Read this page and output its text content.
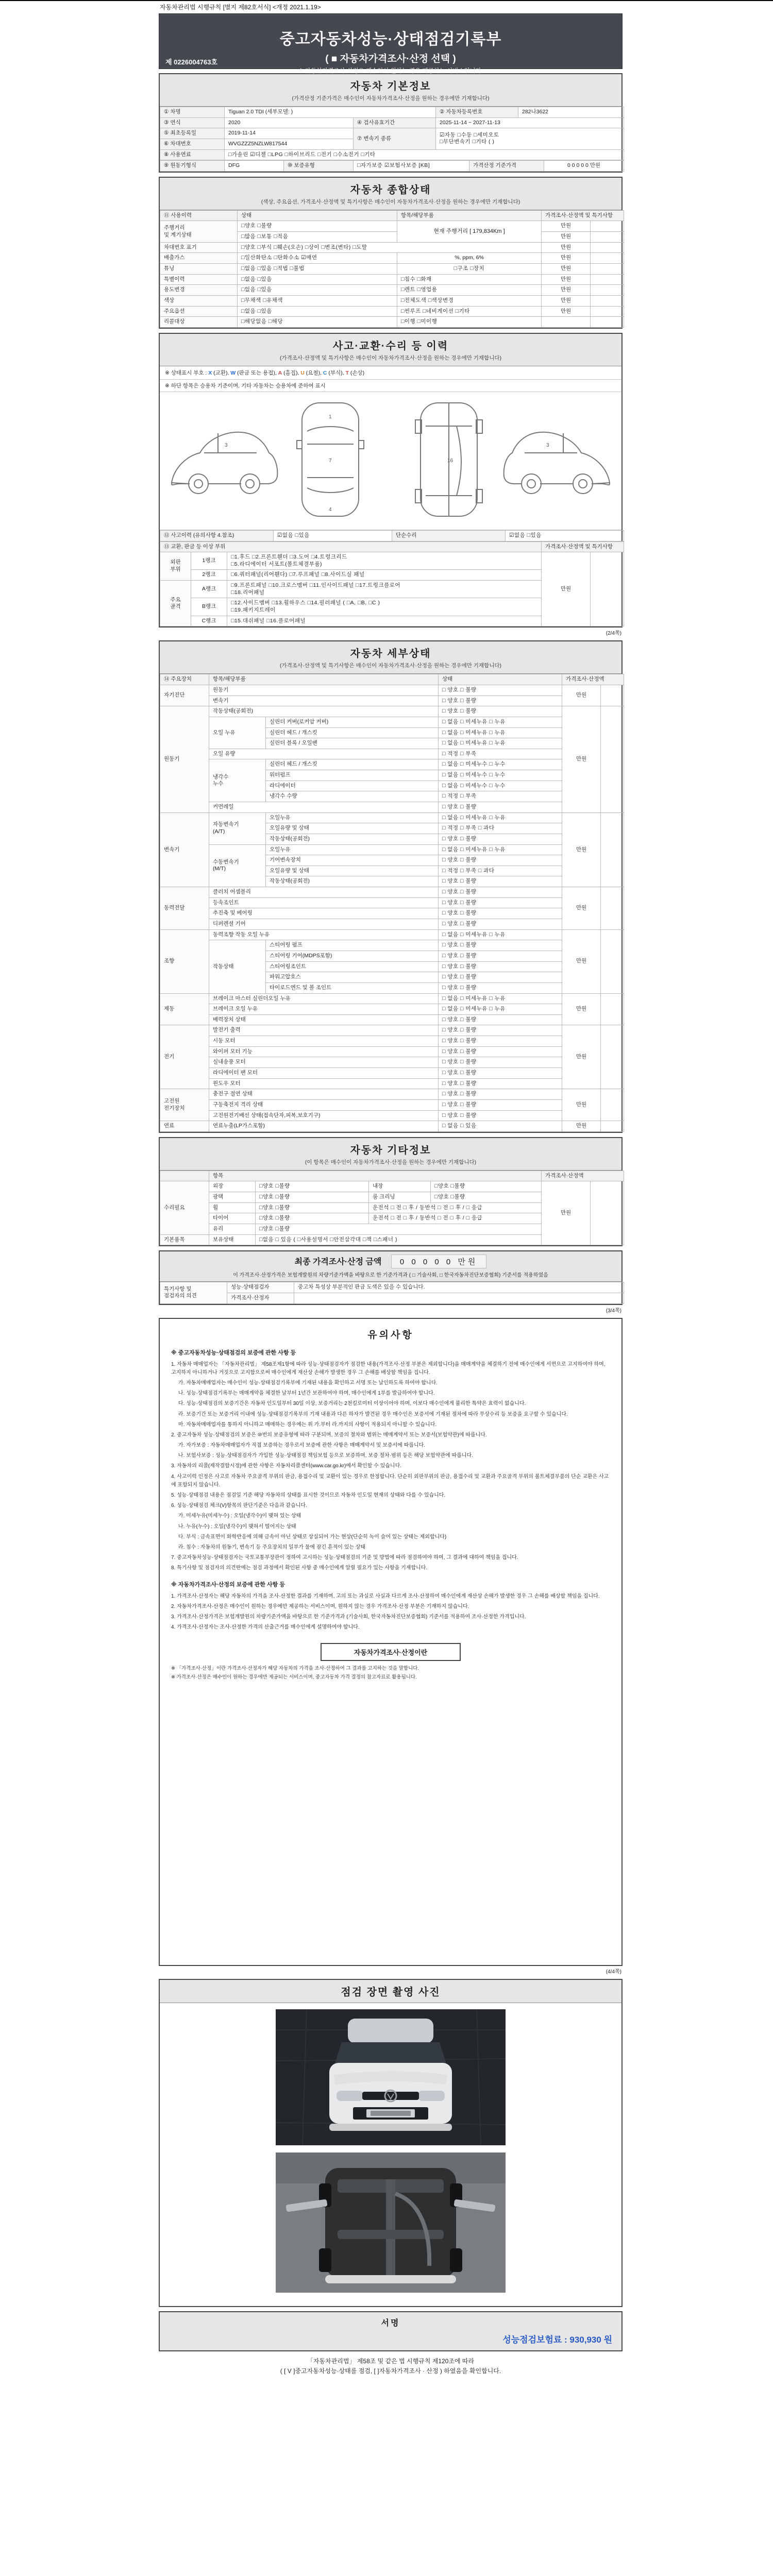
자동차관리법 시행규칙 [별지 제82호서식] <개정 2021.1.19>
중고자동차성능·상태점검기록부
( ■ 자동차가격조사·산정 선택 )
※ 자동차가격조사·산정은 매수인이 원하는 경우 제공하는 서비스입니다.
제 0226004763호
자동차 기본정보
(가격산정 기준가격은 매수인이 자동차가격조사·산정을 원하는 경우에만 기재합니다)
① 차명	Tiguan 2.0 TDI (세부모델: )		② 자동차등록번호	282나3622
③ 연식	2020	④ 검사유효기간	2025-11-14 ~ 2027-11-13	
⑤ 최초등록일	2019-11-14	⑦ 변속기 종류	☑자동 □수동 □세미오토
□무단변속기 □기타 ( )	
⑥ 차대번호	WVGZZZ5NZLW817544			
⑧ 사용연료	□가솔린 ☑디젤 □LPG □하이브리드 □전기 □수소전기 □기타			
⑨ 원동기형식	DFG	⑩ 보증유형	□자가보증 ☑보험사보증 [KB]	가격산정 기준가격	0 0 0 0 0 만원
자동차 종합상태
(색상, 주요옵션, 가격조사·산정액 및 특기사항은 매수인이 자동차가격조사·산정을 원하는 경우에만 기재합니다)
⑪ 사용이력	상태	항목/해당부품	가격조사·산정액 및 특기사항	
주행거리
및 계기상태	□양호 □불량	현재 주행거리 [ 179,834Km ]	만원	
	□많음 □보통 □적음		만원	
차대번호 표기	□양호 □부식 □훼손(오손) □상이 □변조(변타) □도말		만원	
배출가스	□일산화탄소 □탄화수소 ☑매연	%, ppm, 6%	만원	
튜닝	□없음 □있음 □적법 □불법	□구조 □장치	만원	
특별이력	□없음 □있음	□침수 □화재	만원	
용도변경	□없음 □있음	□렌트 □영업용	만원	
색상	□무채색 □유채색	□전체도색 □색상변경	만원	
주요옵션	□없음 □있음	□썬루프 □네비게이션 □기타	만원	
리콜대상	□해당없음 □해당	□이행 □미이행		
사고·교환·수리 등 이력
(가격조사·산정액 및 특기사항은 매수인이 자동차가격조사·산정을 원하는 경우에만 기재합니다)
※ 상태표시 부호 : X (교환), W (판금 또는 용접), A (흠집), U (요철), C (부식), T (손상)
※ 하단 항목은 승용차 기준이며, 기타 자동차는 승용차에 준하여 표시
1
7
4
3	3
16
⑫ 사고이력 (유의사항 4.참조)	☑없음 □있음	단순수리	☑없음 □있음
⑬ 교환, 판금 등 이상 부위			가격조사·산정액 및 특기사항	
외판
부위	1랭크	□1.후드 □2.프론트휀더 □3.도어 □4.트렁크리드
□5.라디에이터 서포트(볼트체결부품)	만원	
	2랭크	□6.쿼터패널(리어휀다) □7.루프패널 □8.사이드실 패널		
주요
골격	A랭크	□9.프론트패널 □10.크로스멤버 □11.인사이드패널 □17.트렁크플로어
□18.리어패널		
	B랭크	□12.사이드멤버 □13.휠하우스 □14.필러패널 ( □A, □B, □C )
□19.패키지트레이		
	C랭크	□15.대쉬패널 □16.플로어패널		
(2/4쪽)
자동차 세부상태
(가격조사·산정액 및 특기사항은 매수인이 자동차가격조사·산정을 원하는 경우에만 기재합니다)
⑭ 주요장치	항목/해당부품		상태	가격조사·산정액	
자기진단	원동기		□ 양호 □ 불량	만원	
	변속기		□ 양호 □ 불량		
원동기	작동상태(공회전)		□ 양호 □ 불량	만원	
	오일 누유	실린더 커버(로커암 커버)	□ 없음 □ 미세누유 □ 누유		
		실린더 헤드 / 개스킷	□ 없음 □ 미세누유 □ 누유		
		실린더 블록 / 오일팬	□ 없음 □ 미세누유 □ 누유		
	오일 유량		□ 적정 □ 부족		
	냉각수
누수	실린더 헤드 / 개스킷	□ 없음 □ 미세누수 □ 누수		
		워터펌프	□ 없음 □ 미세누수 □ 누수		
		라디에이터	□ 없음 □ 미세누수 □ 누수		
		냉각수 수량	□ 적정 □ 부족		
	커먼레일		□ 양호 □ 불량		
변속기	자동변속기
(A/T)	오일누유	□ 없음 □ 미세누유 □ 누유	만원	
		오일유량 및 상태	□ 적정 □ 부족 □ 과다		
		작동상태(공회전)	□ 양호 □ 불량		
	수동변속기
(M/T)	오일누유	□ 없음 □ 미세누유 □ 누유		
		기어변속장치	□ 양호 □ 불량		
		오일유량 및 상태	□ 적정 □ 부족 □ 과다		
		작동상태(공회전)	□ 양호 □ 불량		
동력전달	클러치 어셈블리		□ 양호 □ 불량	만원	
	등속조인트		□ 양호 □ 불량		
	추진축 및 베어링		□ 양호 □ 불량		
	디퍼렌셜 기어		□ 양호 □ 불량		
조향	동력조향 작동 오일 누유		□ 없음 □ 미세누유 □ 누유	만원	
	작동상태	스티어링 펌프	□ 양호 □ 불량		
		스티어링 기어(MDPS포함)	□ 양호 □ 불량		
		스티어링조인트	□ 양호 □ 불량		
		파워고압호스	□ 양호 □ 불량		
		타이로드엔드 및 볼 조인트	□ 양호 □ 불량		
제동	브레이크 마스터 실린더오일 누유		□ 없음 □ 미세누유 □ 누유	만원	
	브레이크 오일 누유		□ 없음 □ 미세누유 □ 누유		
	배력장치 상태		□ 양호 □ 불량		
전기	발전기 출력		□ 양호 □ 불량	만원	
	시동 모터		□ 양호 □ 불량		
	와이퍼 모터 기능		□ 양호 □ 불량		
	실내송풍 모터		□ 양호 □ 불량		
	라디에이터 팬 모터		□ 양호 □ 불량		
	윈도우 모터		□ 양호 □ 불량		
고전원
전기장치	충전구 절연 상태		□ 양호 □ 불량	만원	
	구동축전지 격리 상태		□ 양호 □ 불량		
	고전원전기배선 상태(접속단자,피복,보호기구)		□ 양호 □ 불량		
연료	연료누출(LP가스포함)		□ 없음 □ 있음	만원	
자동차 기타정보
(이 항목은 매수인이 자동차가격조사·산정을 원하는 경우에만 기재합니다)
	항목				가격조사·산정액	
수리필요	외장	□양호 □불량	내장	□양호 □불량	만원	
	광택	□양호 □불량	룸 크리닝	□양호 □불량		
	휠	□양호 □불량	운전석 □ 전 □ 후 / 동반석 □ 전 □ 후 / □ 응급			
	타이어	□양호 □불량	운전석 □ 전 □ 후 / 동반석 □ 전 □ 후 / □ 응급			
	유리	□양호 □불량				
기본품목	보유상태	□없음 □ 있음 ( □사용설명서 □안전삼각대 □잭 □스패너 )				
최종 가격조사·산정 금액 0 0 0 0 0 만원
이 가격조사·산정가격은 보험개발원의 차량기준가액을 바탕으로 한 기준가격과 ( □ 기술사회, □ 한국자동차진단보증협회) 기준서를 적용하였음
특기사항 및
점검자의 의견	성능·상태점검자	중고차 특성상 부분적인 판금 도색은 있을 수 있습니다.
	가격조사·산정자	
(3/4쪽)
유의사항
※ 중고자동차성능·상태점검의 보증에 관한 사항 등
1. 자동차 매매업자는 「자동차관리법」 제58조제1항에 따라 성능·상태점검자가 점검한 내용(가격조사·산정 부분은 제외합니다)을 매매계약을 체결하기 전에 매수인에게 서면으로 고지하여야 하며, 고지하지 아니하거나 거짓으로 고지함으로써 매수인에게 재산상 손해가 발생한 경우 그 손해를 배상할 책임을 집니다.
가. 자동차매매업자는 매수인이 성능·상태점검기록부에 기재된 내용을 확인하고 서명 또는 날인하도록 하여야 합니다.
나. 성능·상태점검기록부는 매매계약을 체결한 날부터 1년간 보관하여야 하며, 매수인에게 1부를 발급하여야 합니다.
다. 성능·상태점검의 보증기간은 자동차 인도일부터 30일 이상, 보증거리는 2천킬로미터 이상이어야 하며, 이보다 매수인에게 불리한 특약은 효력이 없습니다.
라. 보증기간 또는 보증거리 이내에 성능·상태점검기록부의 기재 내용과 다른 하자가 발견된 경우 매수인은 보증서에 기재된 절차에 따라 무상수리 등 보증을 요구할 수 있습니다.
마. 자동차매매업자를 통하지 아니하고 매매하는 경우에는 위 가.부터 라.까지의 사항이 적용되지 아니할 수 있습니다.
2. 중고자동차 성능·상태점검의 보증은 ⑩번의 보증유형에 따라 구분되며, 보증의 절차와 범위는 매매계약서 또는 보증서(보험약관)에 따릅니다.
가. 자가보증 : 자동차매매업자가 직접 보증하는 경우로서 보증에 관한 사항은 매매계약서 및 보증서에 따릅니다.
나. 보험사보증 : 성능·상태점검자가 가입한 성능·상태점검 책임보험 등으로 보증하며, 보증 절차·범위 등은 해당 보험약관에 따릅니다.
3. 자동차의 리콜(제작결함시정)에 관한 사항은 자동차리콜센터(www.car.go.kr)에서 확인할 수 있습니다.
4. 사고이력 인정은 사고로 자동차 주요골격 부위의 판금, 용접수리 및 교환이 있는 경우로 한정합니다. 단순히 외판부위의 판금, 용접수리 및 교환과 주요골격 부위의 볼트체결부품의 단순 교환은 사고에 포함되지 않습니다.
5. 성능·상태점검 내용은 점검일 기준 해당 자동차의 상태를 표시한 것이므로 자동차 인도일 현재의 상태와 다를 수 있습니다.
6. 성능·상태점검 체크(V)항목의 판단기준은 다음과 같습니다.
가. 미세누유(미세누수) : 오일(냉각수)이 맺혀 있는 상태
나. 누유(누수) : 오일(냉각수)이 맺혀서 떨어지는 상태
다. 부식 : 금속표면이 화학반응에 의해 금속이 아닌 상태로 상실되어 가는 현상(단순히 녹이 슬어 있는 상태는 제외합니다)
라. 침수 : 자동차의 원동기, 변속기 등 주요장치의 일부가 물에 잠긴 흔적이 있는 상태
7. 중고자동차성능·상태점검자는 국토교통부장관이 정하여 고시하는 성능·상태점검의 기준 및 방법에 따라 점검하여야 하며, 그 결과에 대하여 책임을 집니다.
8. 특기사항 및 점검자의 의견란에는 점검 과정에서 확인된 사항 중 매수인에게 알릴 필요가 있는 사항을 기재합니다.
※ 자동차가격조사·산정의 보증에 관한 사항 등
1. 가격조사·산정자는 해당 자동차의 가격을 조사·산정한 결과를 기재하며, 고의 또는 과실로 사실과 다르게 조사·산정하여 매수인에게 재산상 손해가 발생한 경우 그 손해를 배상할 책임을 집니다.
2. 자동차가격조사·산정은 매수인이 원하는 경우에만 제공하는 서비스이며, 원하지 않는 경우 가격조사·산정 부분은 기재하지 않습니다.
3. 가격조사·산정가격은 보험개발원의 차량기준가액을 바탕으로 한 기준가격과 (기술사회, 한국자동차진단보증협회) 기준서를 적용하여 조사·산정한 가격입니다.
4. 가격조사·산정자는 조사·산정한 가격의 산출근거를 매수인에게 설명하여야 합니다.
자동차가격조사·산정이란
※ 「가격조사·산정」이란 가격조사·산정자가 해당 자동차의 가격을 조사·산정하여 그 결과를 고지하는 것을 말합니다.
※ 가격조사·산정은 매수인이 원하는 경우에만 제공되는 서비스이며, 중고자동차 가격 결정의 참고자료로 활용됩니다.
(4/4쪽)
점검 장면 촬영 사진
서명
성능점검보험료 : 930,930 원
「자동차관리법」 제58조 및 같은 법 시행규칙 제120조에 따라
( [ V ]중고자동차성능·상태를 점검, [ ]자동차가격조사 · 산정 ) 하였음을 확인합니다.
